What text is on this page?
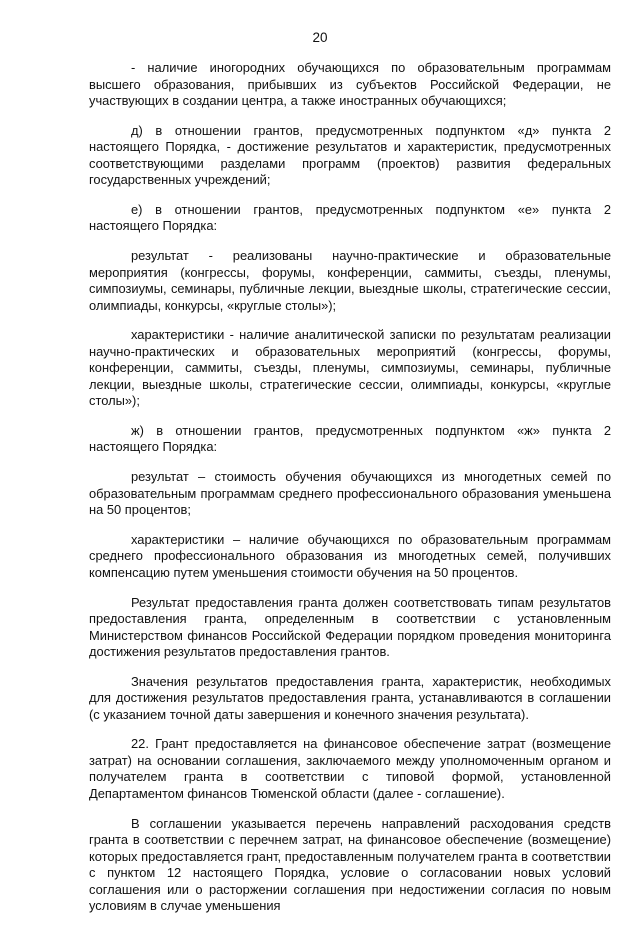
20

- наличие иногородних обучающихся по образовательным программам высшего образования, прибывших из субъектов Российской Федерации, не участвующих в создании центра, а также иностранных обучающихся;

д) в отношении грантов, предусмотренных подпунктом «д» пункта 2 настоящего Порядка, - достижение результатов и характеристик, предусмотренных соответствующими разделами программ (проектов) развития федеральных государственных учреждений;

е) в отношении грантов, предусмотренных подпунктом «е» пункта 2 настоящего Порядка:

результат - реализованы научно-практические и образовательные мероприятия (конгрессы, форумы, конференции, саммиты, съезды, пленумы, симпозиумы, семинары, публичные лекции, выездные школы, стратегические сессии, олимпиады, конкурсы, «круглые столы»);

характеристики - наличие аналитической записки по результатам реализации научно-практических и образовательных мероприятий (конгрессы, форумы, конференции, саммиты, съезды, пленумы, симпозиумы, семинары, публичные лекции, выездные школы, стратегические сессии, олимпиады, конкурсы, «круглые столы»);

ж) в отношении грантов, предусмотренных подпунктом «ж» пункта 2 настоящего Порядка:

результат – стоимость обучения обучающихся из многодетных семей по образовательным программам среднего профессионального образования уменьшена на 50 процентов;

характеристики – наличие обучающихся по образовательным программам среднего профессионального образования из многодетных семей, получивших компенсацию путем уменьшения стоимости обучения на 50 процентов.

Результат предоставления гранта должен соответствовать типам результатов предоставления гранта, определенным в соответствии с установленным Министерством финансов Российской Федерации порядком проведения мониторинга достижения результатов предоставления грантов.

Значения результатов предоставления гранта, характеристик, необходимых для достижения результатов предоставления гранта, устанавливаются в соглашении (с указанием точной даты завершения и конечного значения результата).

22. Грант предоставляется на финансовое обеспечение затрат (возмещение затрат) на основании соглашения, заключаемого между уполномоченным органом и получателем гранта в соответствии с типовой формой, установленной Департаментом финансов Тюменской области (далее - соглашение).

В соглашении указывается перечень направлений расходования средств гранта в соответствии с перечнем затрат, на финансовое обеспечение (возмещение) которых предоставляется грант, предоставленным получателем гранта в соответствии с пунктом 12 настоящего Порядка, условие о согласовании новых условий соглашения или о расторжении соглашения при недостижении согласия по новым условиям в случае уменьшения
